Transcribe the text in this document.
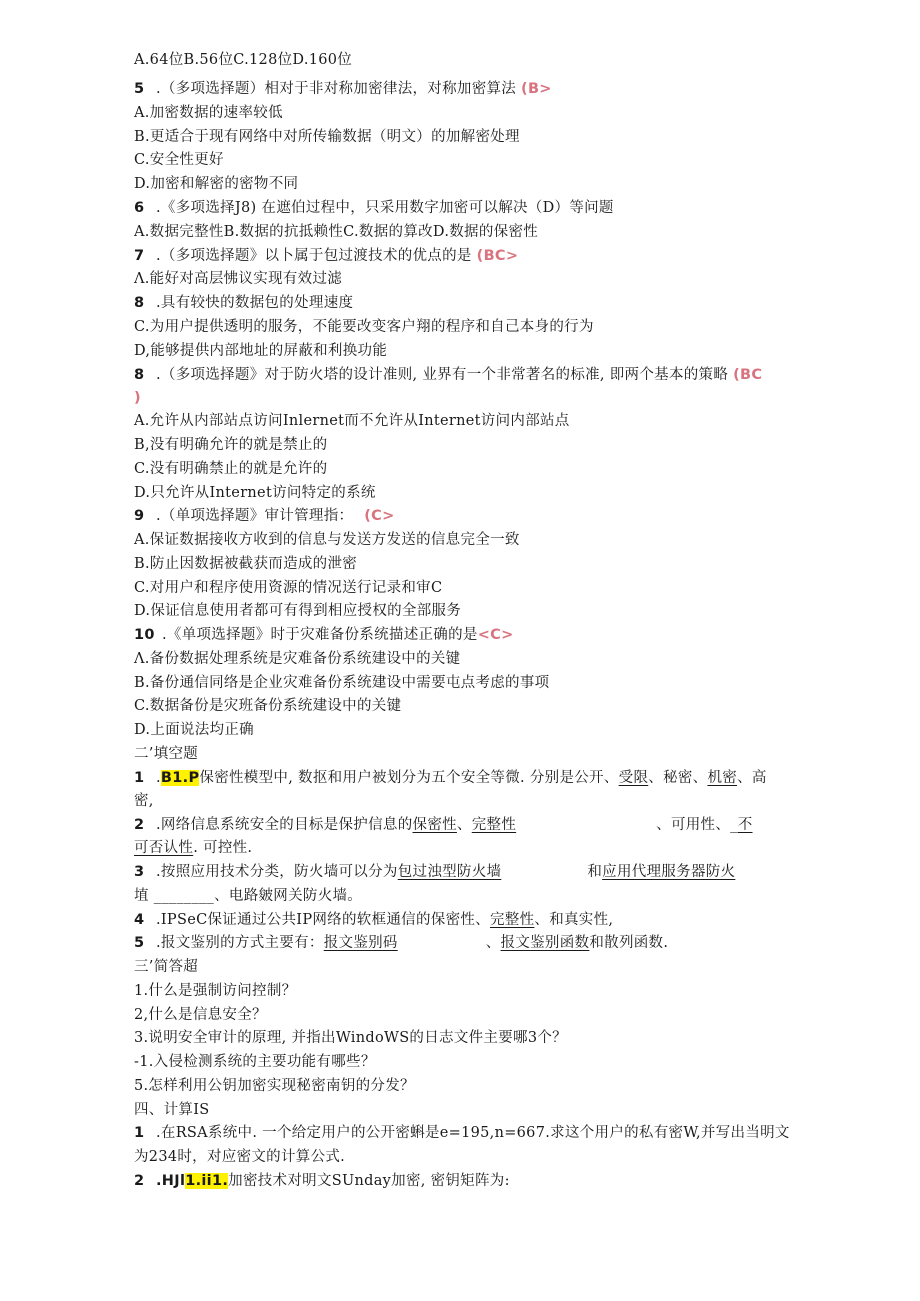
A.64位B.56位C.128位D.160位
5 .（多项选择题）相对于非对称加密律法，对称加密算法 (B>
A.加密数据的速率较低
B.更适合于现有网络中对所传输数据（明文）的加解密处理
C.安全性更好
D.加密和解密的密物不同
6 .《多项选择J8) 在遮伯过程中，只采用数字加密可以解决（D）等问题
A.数据完整性B.数据的抗抵赖性C.数据的算改D.数据的保密性
7 .（多项选择题》以卜属于包过渡技术的优点的是 (BC>
Λ.能好对高层怫议实现有效过滤
8 .具有较快的数据包的处理速度
C.为用户提供透明的服务，不能要改变客户翔的程序和自己本身的行为
D,能够提供内部地址的屏蔽和利换功能
8 .（多项选择题》对于防火塔的设计准则, 业界有一个非常著名的标准, 即两个基本的策略 (BC
)
A.允许从内部站点访问Inlernet而不允许从Internet访问内部站点
B,没有明确允许的就是禁止的
C.没有明确禁止的就是允许的
D.只允许从Internet访问特定的系统
9 .（单项选择题》审计管理指： (C>
A.保证数据接收方收到的信息与发送方发送的信息完全一致
B.防止因数据被截获而造成的泄密
C.对用户和程序使用资源的情况送行记录和审C
D.保证信息使用者都可有得到相应授权的全部服务
10 .《单项选择题》时于灾难备份系统描述正确的是<C>
Λ.备份数据处理系统是灾难备份系统建设中的关键
B.备份通信同络是企业灾难备份系统建设中需要屯点考虑的事项
C.数据备份是灾班备份系统建设中的关键
D.上面说法均正确
二’填空题
1 .B1.P保密性模型中, 数抠和用户被划分为五个安全等微. 分别是公开、受限、秘密、机密、高
密,
2 .网络信息系统安全的目标是保护信息的保密性、完整性	、可用性、_不
可否认性. 可控性.
3 .按照应用技术分类，防火墙可以分为包过浊型防火墙	和应用代理服务器防火
埴 ________、电路皴网关防火墙。
4 .IPSeC保证通过公共IP网络的软框通信的保密性、完整性、和真实性,
5 .报文鉴别的方式主要有：报文鉴别码	、报文鉴别函数和散列函数.
三’简答超
1.什么是强制访问控制？
2,什么是信息安全？
3.说明安全审计的原理, 并指出WindoWS的日志文件主要哪3个？
-1.入侵检测系统的主要功能有哪些？
5.怎样利用公钥加密实现秘密南钥的分发？
四、计算IS
1 .在RSA系统中. 一个给定用户的公开密蝌是e=195,n=667.求这个用户的私有密W,并写出当明文
为234时，对应密文的计算公式.
2 .HJl1.ii1.加密技术对明文SUnday加密, 密钥矩阵为:
